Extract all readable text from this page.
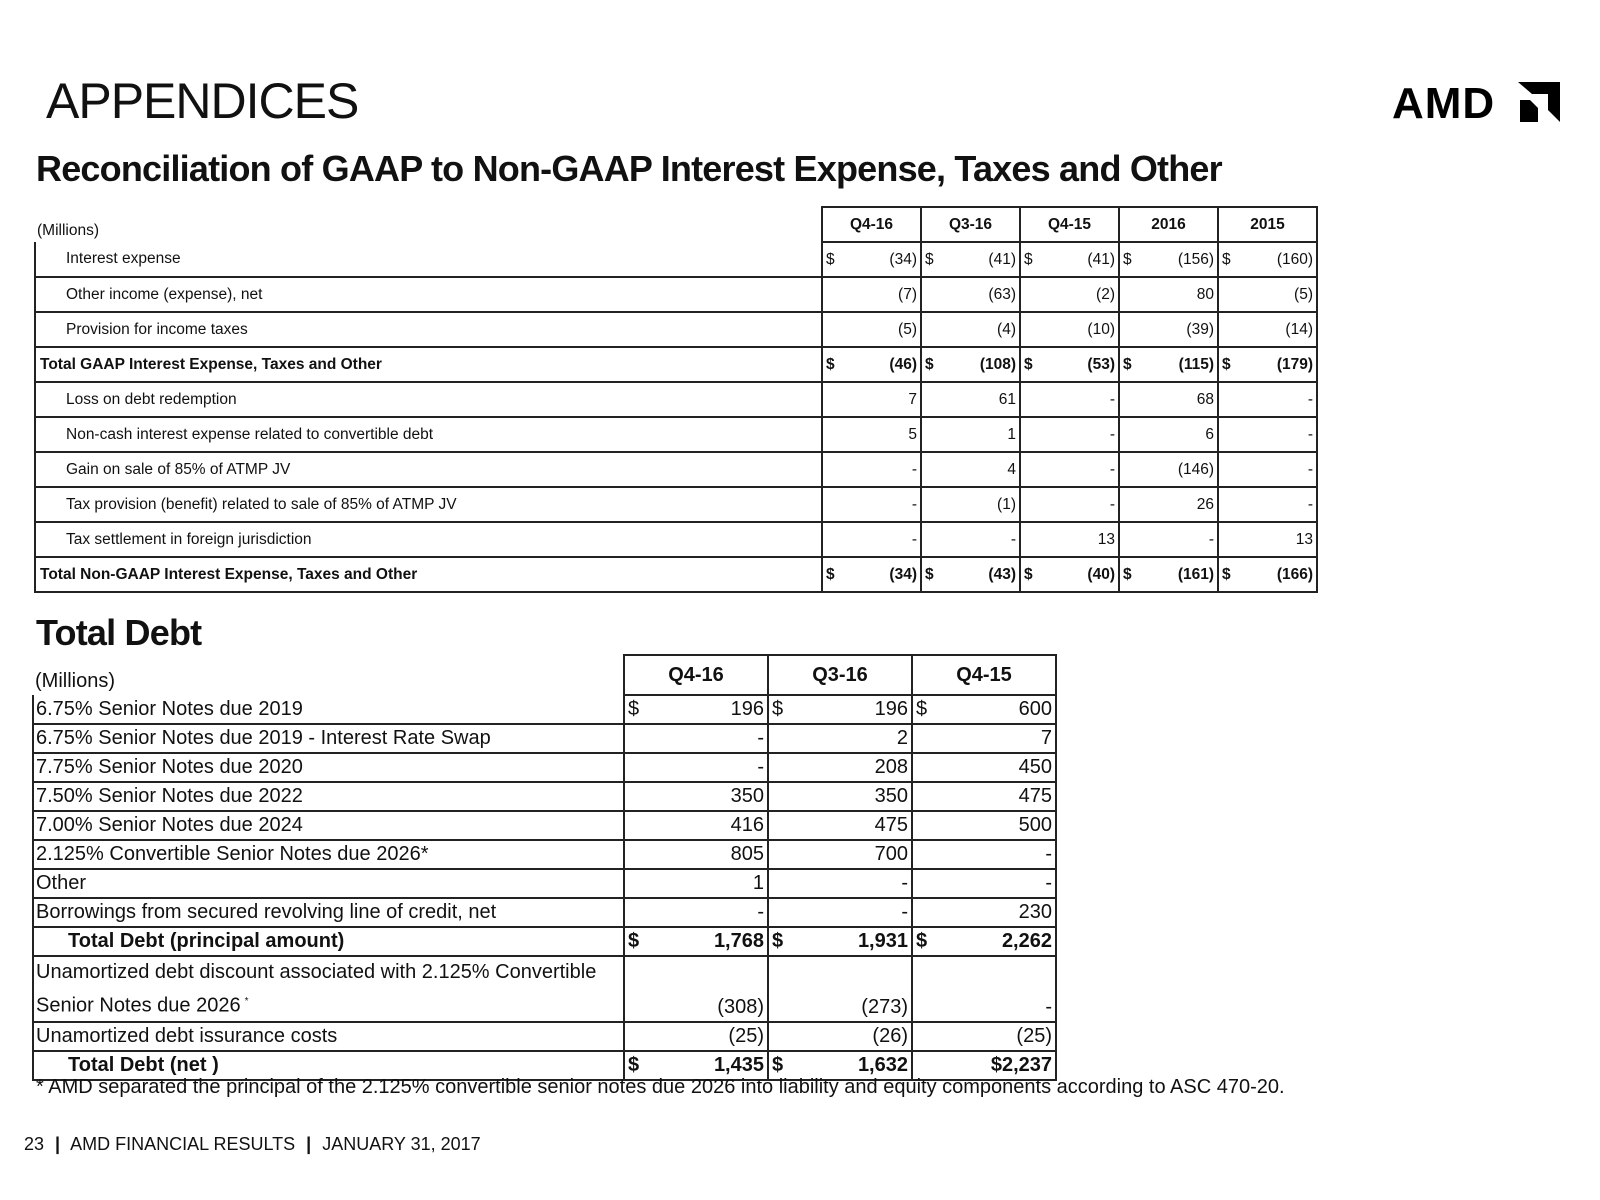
APPENDICES	AMD
Reconciliation of GAAP to Non-GAAP Interest Expense, Taxes and Other
(Millions)	Q4-16	Q3-16	Q4-15	2016	2015
Interest expense	$ (34)	$ (41)	$ (41)	$ (156)	$ (160)

Other income (expense), net	(7)	(63)	(2)	80	(5)

Provision for income taxes	(5)	(4)	(10)	(39)	(14)

Total GAAP Interest Expense, Taxes and Other	$ (46)	$ (108)	$ (53)	$ (115)	$ (179)

Loss on debt redemption	7	61	-	68	-

Non-cash interest expense related to convertible debt	5	1	-	6	-

Gain on sale of 85% of ATMP JV	-	4	-	(146)	-

Tax provision (benefit) related to sale of 85% of ATMP JV	-	(1)	-	26	-

Tax settlement in foreign jurisdiction	-	-	13	-	13

Total Non-GAAP Interest Expense, Taxes and Other	$ (34)	$ (43)	$ (40)	$ (161)	$ (166)
Total Debt
(Millions)	Q4-16	Q3-16	Q4-15
6.75% Senior Notes due 2019	$ 196	$ 196	$ 600

6.75% Senior Notes due 2019 - Interest Rate Swap	-	2	7

7.75% Senior Notes due 2020	-	208	450

7.50% Senior Notes due 2022	350	350	475

7.00% Senior Notes due 2024	416	475	500

2.125% Convertible Senior Notes due 2026*	805	700	-

Other	1	-	-

Borrowings from secured revolving line of credit, net	-	-	230

Total Debt (principal amount)	$ 1,768	$ 1,931	$ 2,262

Unamortized debt discount associated with 2.125% Convertible Senior Notes due 2026 *	(308)	(273)	-

Unamortized debt issurance costs	(25)	(26)	(25)

Total Debt (net )	$ 1,435	$ 1,632	$2,237
* AMD separated the principal of the 2.125% convertible senior notes due 2026 into liability and equity components according to ASC 470-20.
23 | AMD FINANCIAL RESULTS | JANUARY 31, 2017
